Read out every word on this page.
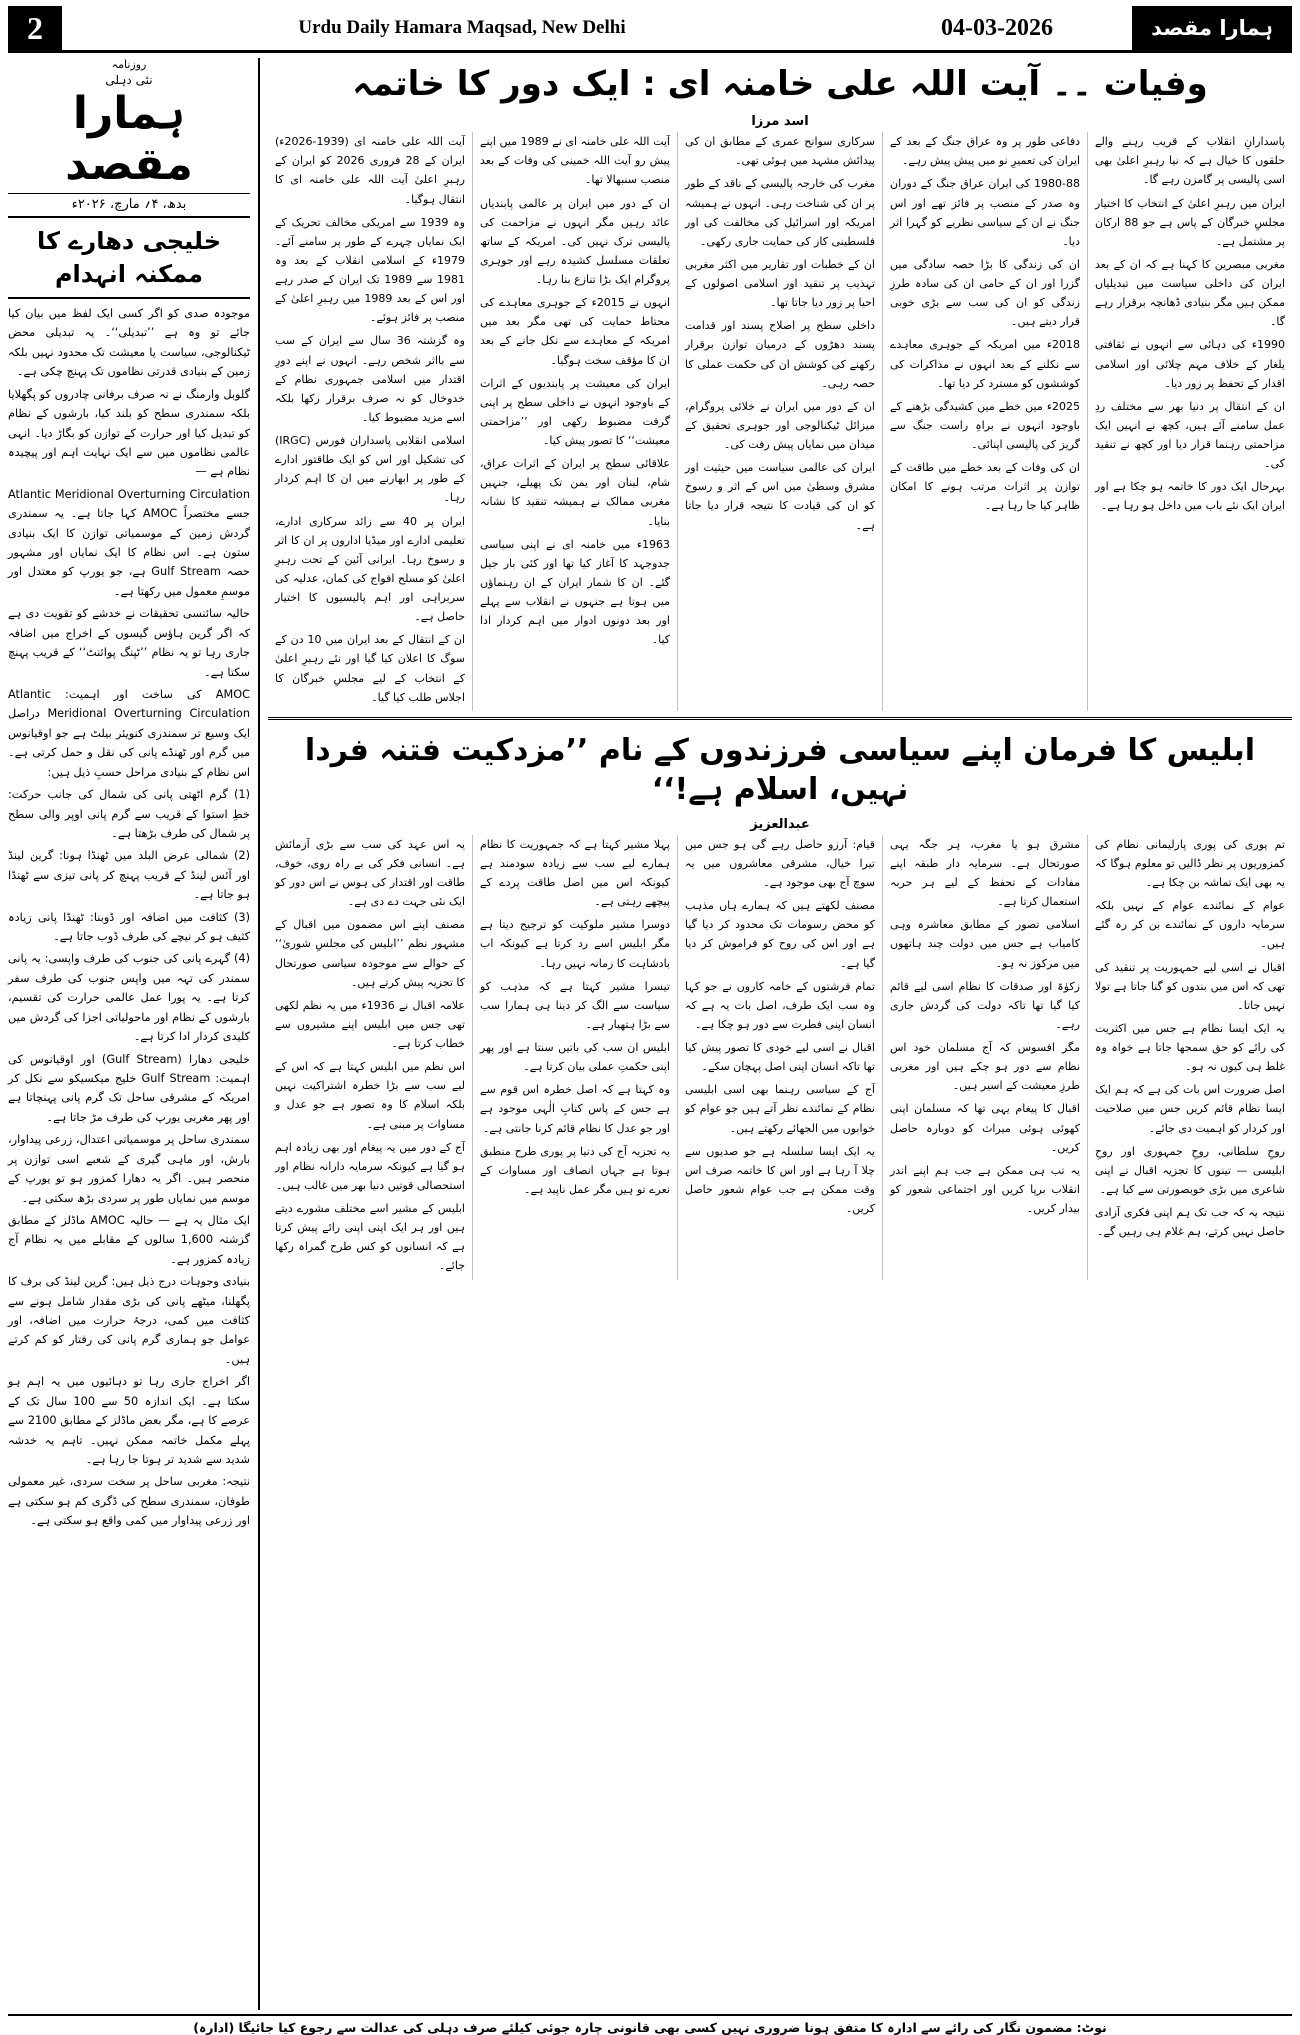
2	Urdu Daily Hamara Maqsad, New Delhi	04-03-2026	ہمارا مقصد
وفیات ۔۔ آیت اللہ علی خامنہ ای : ایک دور کا خاتمہ
اسد مرزا

پاسدارانِ انقلاب کے قریب رہنے والے حلقوں کا خیال ہے کہ نیا رہبرِ اعلیٰ بھی اسی پالیسی پر گامزن رہے گا۔

ایران میں رہبرِ اعلیٰ کے انتخاب کا اختیار مجلسِ خبرگان کے پاس ہے جو 88 ارکان پر مشتمل ہے۔

مغربی مبصرین کا کہنا ہے کہ ان کے بعد ایران کی داخلی سیاست میں تبدیلیاں ممکن ہیں مگر بنیادی ڈھانچہ برقرار رہے گا۔

1990ء کی دہائی سے انہوں نے ثقافتی یلغار کے خلاف مہم چلائی اور اسلامی اقدار کے تحفظ پر زور دیا۔

ان کے انتقال پر دنیا بھر سے مختلف ردِ عمل سامنے آئے ہیں، کچھ نے انہیں ایک مزاحمتی رہنما قرار دیا اور کچھ نے تنقید کی۔

بہرحال ایک دور کا خاتمہ ہو چکا ہے اور ایران ایک نئے باب میں داخل ہو رہا ہے۔

دفاعی طور پر وہ عراق جنگ کے بعد کے ایران کی تعمیرِ نو میں پیش پیش رہے۔

1980-88 کی ایران عراق جنگ کے دوران وہ صدر کے منصب پر فائز تھے اور اس جنگ نے ان کے سیاسی نظریے کو گہرا اثر دیا۔

ان کی زندگی کا بڑا حصہ سادگی میں گزرا اور ان کے حامی ان کی سادہ طرزِ زندگی کو ان کی سب سے بڑی خوبی قرار دیتے ہیں۔

2018ء میں امریکہ کے جوہری معاہدے سے نکلنے کے بعد انہوں نے مذاکرات کی کوششوں کو مسترد کر دیا تھا۔

2025ء میں خطے میں کشیدگی بڑھنے کے باوجود انہوں نے براہِ راست جنگ سے گریز کی پالیسی اپنائی۔

ان کی وفات کے بعد خطے میں طاقت کے توازن پر اثرات مرتب ہونے کا امکان ظاہر کیا جا رہا ہے۔

سرکاری سوانح عمری کے مطابق ان کی پیدائش مشہد میں ہوئی تھی۔

مغرب کی خارجہ پالیسی کے ناقد کے طور پر ان کی شناخت رہی۔ انہوں نے ہمیشہ امریکہ اور اسرائیل کی مخالفت کی اور فلسطینی کاز کی حمایت جاری رکھی۔

ان کے خطبات اور تقاریر میں اکثر مغربی تہذیب پر تنقید اور اسلامی اصولوں کے احیا پر زور دیا جاتا تھا۔

داخلی سطح پر اصلاح پسند اور قدامت پسند دھڑوں کے درمیان توازن برقرار رکھنے کی کوشش ان کی حکمت عملی کا حصہ رہی۔

ان کے دور میں ایران نے خلائی پروگرام، میزائل ٹیکنالوجی اور جوہری تحقیق کے میدان میں نمایاں پیش رفت کی۔

ایران کی عالمی سیاست میں حیثیت اور مشرق وسطیٰ میں اس کے اثر و رسوخ کو ان کی قیادت کا نتیجہ قرار دیا جاتا ہے۔

آیت اللہ علی خامنہ ای نے 1989 میں اپنے پیش رو آیت اللہ خمینی کی وفات کے بعد منصب سنبھالا تھا۔

ان کے دور میں ایران پر عالمی پابندیاں عائد رہیں مگر انہوں نے مزاحمت کی پالیسی ترک نہیں کی۔ امریکہ کے ساتھ تعلقات مسلسل کشیدہ رہے اور جوہری پروگرام ایک بڑا تنازع بنا رہا۔

انہوں نے 2015ء کے جوہری معاہدے کی محتاط حمایت کی تھی مگر بعد میں امریکہ کے معاہدے سے نکل جانے کے بعد ان کا مؤقف سخت ہوگیا۔

ایران کی معیشت پر پابندیوں کے اثرات کے باوجود انہوں نے داخلی سطح پر اپنی گرفت مضبوط رکھی اور ’’مزاحمتی معیشت‘‘ کا تصور پیش کیا۔

علاقائی سطح پر ایران کے اثرات عراق، شام، لبنان اور یمن تک پھیلے، جنہیں مغربی ممالک نے ہمیشہ تنقید کا نشانہ بنایا۔

1963ء میں خامنہ ای نے اپنی سیاسی جدوجہد کا آغاز کیا تھا اور کئی بار جیل گئے۔ ان کا شمار ایران کے ان رہنماؤں میں ہوتا ہے جنہوں نے انقلاب سے پہلے اور بعد دونوں ادوار میں اہم کردار ادا کیا۔

آیت اللہ علی خامنہ ای (1939-2026ء) ایران کے 28 فروری 2026 کو ایران کے رہبرِ اعلیٰ آیت اللہ علی خامنہ ای کا انتقال ہوگیا۔

وہ 1939 سے امریکی مخالف تحریک کے ایک نمایاں چہرے کے طور پر سامنے آئے۔ 1979ء کے اسلامی انقلاب کے بعد وہ 1981 سے 1989 تک ایران کے صدر رہے اور اس کے بعد 1989 میں رہبرِ اعلیٰ کے منصب پر فائز ہوئے۔

وہ گزشتہ 36 سال سے ایران کے سب سے بااثر شخص رہے۔ انہوں نے اپنے دورِ اقتدار میں اسلامی جمہوری نظام کے خدوخال کو نہ صرف برقرار رکھا بلکہ اسے مزید مضبوط کیا۔

اسلامی انقلابی پاسداران فورس (IRGC) کی تشکیل اور اس کو ایک طاقتور ادارے کے طور پر ابھارنے میں ان کا اہم کردار رہا۔

ایران پر 40 سے زائد سرکاری ادارے، تعلیمی ادارے اور میڈیا اداروں پر ان کا اثر و رسوخ رہا۔ ایرانی آئین کے تحت رہبرِ اعلیٰ کو مسلح افواج کی کمان، عدلیہ کی سربراہی اور اہم پالیسیوں کا اختیار حاصل ہے۔

ان کے انتقال کے بعد ایران میں 10 دن کے سوگ کا اعلان کیا گیا اور نئے رہبرِ اعلیٰ کے انتخاب کے لیے مجلسِ خبرگان کا اجلاس طلب کیا گیا۔

ابلیس کا فرمان اپنے سیاسی فرزندوں کے نام ’’مزدکیت فتنہ فردا نہیں، اسلام ہے!‘‘
عبدالعزیز

تم پوری کی پوری پارلیمانی نظام کی کمزوریوں پر نظر ڈالیں تو معلوم ہوگا کہ یہ بھی ایک تماشہ بن چکا ہے۔

عوام کے نمائندے عوام کے نہیں بلکہ سرمایہ داروں کے نمائندے بن کر رہ گئے ہیں۔

اقبال نے اسی لیے جمہوریت پر تنقید کی تھی کہ اس میں بندوں کو گنا جاتا ہے تولا نہیں جاتا۔

یہ ایک ایسا نظام ہے جس میں اکثریت کی رائے کو حق سمجھا جاتا ہے خواہ وہ غلط ہی کیوں نہ ہو۔

اصل ضرورت اس بات کی ہے کہ ہم ایک ایسا نظام قائم کریں جس میں صلاحیت اور کردار کو اہمیت دی جائے۔

روحِ سلطانی، روحِ جمہوری اور روحِ ابلیسی — تینوں کا تجزیہ اقبال نے اپنی شاعری میں بڑی خوبصورتی سے کیا ہے۔

نتیجہ یہ کہ جب تک ہم اپنی فکری آزادی حاصل نہیں کرتے، ہم غلام ہی رہیں گے۔

مشرق ہو یا مغرب، ہر جگہ یہی صورتحال ہے۔ سرمایہ دار طبقہ اپنے مفادات کے تحفظ کے لیے ہر حربہ استعمال کرتا ہے۔

اسلامی تصور کے مطابق معاشرہ وہی کامیاب ہے جس میں دولت چند ہاتھوں میں مرکوز نہ ہو۔

زکوٰۃ اور صدقات کا نظام اسی لیے قائم کیا گیا تھا تاکہ دولت کی گردش جاری رہے۔

مگر افسوس کہ آج مسلمان خود اس نظام سے دور ہو چکے ہیں اور مغربی طرزِ معیشت کے اسیر ہیں۔

اقبال کا پیغام یہی تھا کہ مسلمان اپنی کھوئی ہوئی میراث کو دوبارہ حاصل کریں۔

یہ تب ہی ممکن ہے جب ہم اپنے اندر انقلاب برپا کریں اور اجتماعی شعور کو بیدار کریں۔

قیام: آرزو حاصل رہے گی ہو جس میں تیرا خیال، مشرقی معاشروں میں یہ سوچ آج بھی موجود ہے۔

مصنف لکھتے ہیں کہ ہمارے ہاں مذہب کو محض رسومات تک محدود کر دیا گیا ہے اور اس کی روح کو فراموش کر دیا گیا ہے۔

تمام فرشتوں کے خامہ کاروں نے جو کہا وہ سب ایک طرف، اصل بات یہ ہے کہ انسان اپنی فطرت سے دور ہو چکا ہے۔

اقبال نے اسی لیے خودی کا تصور پیش کیا تھا تاکہ انسان اپنی اصل پہچان سکے۔

آج کے سیاسی رہنما بھی اسی ابلیسی نظام کے نمائندے نظر آتے ہیں جو عوام کو خوابوں میں الجھائے رکھتے ہیں۔

یہ ایک ایسا سلسلہ ہے جو صدیوں سے چلا آ رہا ہے اور اس کا خاتمہ صرف اس وقت ممکن ہے جب عوام شعور حاصل کریں۔

پہلا مشیر کہتا ہے کہ جمہوریت کا نظام ہمارے لیے سب سے زیادہ سودمند ہے کیونکہ اس میں اصل طاقت پردے کے پیچھے رہتی ہے۔

دوسرا مشیر ملوکیت کو ترجیح دیتا ہے مگر ابلیس اسے رد کرتا ہے کیونکہ اب بادشاہت کا زمانہ نہیں رہا۔

تیسرا مشیر کہتا ہے کہ مذہب کو سیاست سے الگ کر دینا ہی ہمارا سب سے بڑا ہتھیار ہے۔

ابلیس ان سب کی باتیں سنتا ہے اور پھر اپنی حکمتِ عملی بیان کرتا ہے۔

وہ کہتا ہے کہ اصل خطرہ اس قوم سے ہے جس کے پاس کتابِ الٰہی موجود ہے اور جو عدل کا نظام قائم کرنا جانتی ہے۔

یہ تجزیہ آج کی دنیا پر پوری طرح منطبق ہوتا ہے جہاں انصاف اور مساوات کے نعرے تو ہیں مگر عمل ناپید ہے۔

یہ اس عہد کی سب سے بڑی آزمائش ہے۔ انسانی فکر کی بے راہ روی، خوف، طاقت اور اقتدار کی ہوس نے اس دور کو ایک نئی جہت دے دی ہے۔

مصنف اپنے اس مضمون میں اقبال کے مشہور نظم ’’ابلیس کی مجلسِ شوریٰ‘‘ کے حوالے سے موجودہ سیاسی صورتحال کا تجزیہ پیش کرتے ہیں۔

علامہ اقبال نے 1936ء میں یہ نظم لکھی تھی جس میں ابلیس اپنے مشیروں سے خطاب کرتا ہے۔

اس نظم میں ابلیس کہتا ہے کہ اس کے لیے سب سے بڑا خطرہ اشتراکیت نہیں بلکہ اسلام کا وہ تصور ہے جو عدل و مساوات پر مبنی ہے۔

آج کے دور میں یہ پیغام اور بھی زیادہ اہم ہو گیا ہے کیونکہ سرمایہ دارانہ نظام اور استحصالی قوتیں دنیا بھر میں غالب ہیں۔

ابلیس کے مشیر اسے مختلف مشورے دیتے ہیں اور ہر ایک اپنی اپنی رائے پیش کرتا ہے کہ انسانوں کو کس طرح گمراہ رکھا جائے۔

روزنامہ
نئی دہلی
ہمارا مقصد
بدھ، ۴؍ مارچ، ۲۰۲۶ء
خلیجی دھارے کا ممکنہ انہدام

موجودہ صدی کو اگر کسی ایک لفظ میں بیان کیا جائے تو وہ ہے ’’تبدیلی‘‘۔ یہ تبدیلی محض ٹیکنالوجی، سیاست یا معیشت تک محدود نہیں بلکہ زمین کے بنیادی قدرتی نظاموں تک پہنچ چکی ہے۔

گلوبل وارمنگ نے نہ صرف برفانی چادروں کو پگھلایا بلکہ سمندری سطح کو بلند کیا، بارشوں کے نظام کو تبدیل کیا اور حرارت کے توازن کو بگاڑ دیا۔ انہی عالمی نظاموں میں سے ایک نہایت اہم اور پیچیدہ نظام ہے —

Atlantic Meridional Overturning Circulation جسے مختصراً AMOC کہا جاتا ہے۔ یہ سمندری گردش زمین کے موسمیاتی توازن کا ایک بنیادی ستون ہے۔ اس نظام کا ایک نمایاں اور مشہور حصہ Gulf Stream ہے، جو یورپ کو معتدل اور موسمِ معمول میں رکھتا ہے۔

حالیہ سائنسی تحقیقات نے خدشے کو تقویت دی ہے کہ اگر گرین ہاؤس گیسوں کے اخراج میں اضافہ جاری رہا تو یہ نظام ’’ٹپنگ پوائنٹ‘‘ کے قریب پہنچ سکتا ہے۔

AMOC کی ساخت اور اہمیت: Atlantic Meridional Overturning Circulation دراصل ایک وسیع تر سمندری کنویئر بیلٹ ہے جو اوقیانوس میں گرم اور ٹھنڈے پانی کی نقل و حمل کرتی ہے۔ اس نظام کے بنیادی مراحل حسبِ ذیل ہیں:

(1) گرم اٹھتی پانی کی شمال کی جانب حرکت: خطِ استوا کے قریب سے گرم پانی اوپر والی سطح پر شمال کی طرف بڑھتا ہے۔

(2) شمالی عرض البلد میں ٹھنڈا ہونا: گرین لینڈ اور آئس لینڈ کے قریب پہنچ کر پانی تیزی سے ٹھنڈا ہو جاتا ہے۔

(3) کثافت میں اضافہ اور ڈوبنا: ٹھنڈا پانی زیادہ کثیف ہو کر نیچے کی طرف ڈوب جاتا ہے۔

(4) گہرے پانی کی جنوب کی طرف واپسی: یہ پانی سمندر کی تہہ میں واپس جنوب کی طرف سفر کرتا ہے۔ یہ پورا عمل عالمی حرارت کی تقسیم، بارشوں کے نظام اور ماحولیاتی اجزا کی گردش میں کلیدی کردار ادا کرتا ہے۔

خلیجی دھارا (Gulf Stream) اور اوقیانوس کی اہمیت: Gulf Stream خلیج میکسیکو سے نکل کر امریکہ کے مشرقی ساحل تک گرم پانی پہنچاتا ہے اور پھر مغربی یورپ کی طرف مڑ جاتا ہے۔

سمندری ساحل پر موسمیاتی اعتدال، زرعی پیداوار، بارش، اور ماہی گیری کے شعبے اسی توازن پر منحصر ہیں۔ اگر یہ دھارا کمزور ہو تو یورپ کے موسم میں نمایاں طور پر سردی بڑھ سکتی ہے۔

ایک مثال یہ ہے — حالیہ AMOC ماڈلز کے مطابق گزشتہ 1,600 سالوں کے مقابلے میں یہ نظام آج زیادہ کمزور ہے۔

بنیادی وجوہات درج ذیل ہیں: گرین لینڈ کی برف کا پگھلنا، میٹھے پانی کی بڑی مقدار شامل ہونے سے کثافت میں کمی، درجۂ حرارت میں اضافہ، اور عوامل جو ہماری گرم پانی کی رفتار کو کم کرتے ہیں۔

اگر اخراج جاری رہا تو دہائیوں میں یہ اہم ہو سکتا ہے۔ ایک اندازہ 50 سے 100 سال تک کے عرصے کا ہے، مگر بعض ماڈلز کے مطابق 2100 سے پہلے مکمل خاتمہ ممکن نہیں۔ تاہم یہ خدشہ شدید سے شدید تر ہوتا جا رہا ہے۔

نتیجہ: مغربی ساحل پر سخت سردی، غیر معمولی طوفان، سمندری سطح کی ڈگری کم ہو سکتی ہے اور زرعی پیداوار میں کمی واقع ہو سکتی ہے۔

نوٹ: مضمون نگار کی رائے سے ادارہ کا متفق ہونا ضروری نہیں کسی بھی قانونی چارہ جوئی کیلئے صرف دہلی کی عدالت سے رجوع کیا جائیگا (ادارہ)
